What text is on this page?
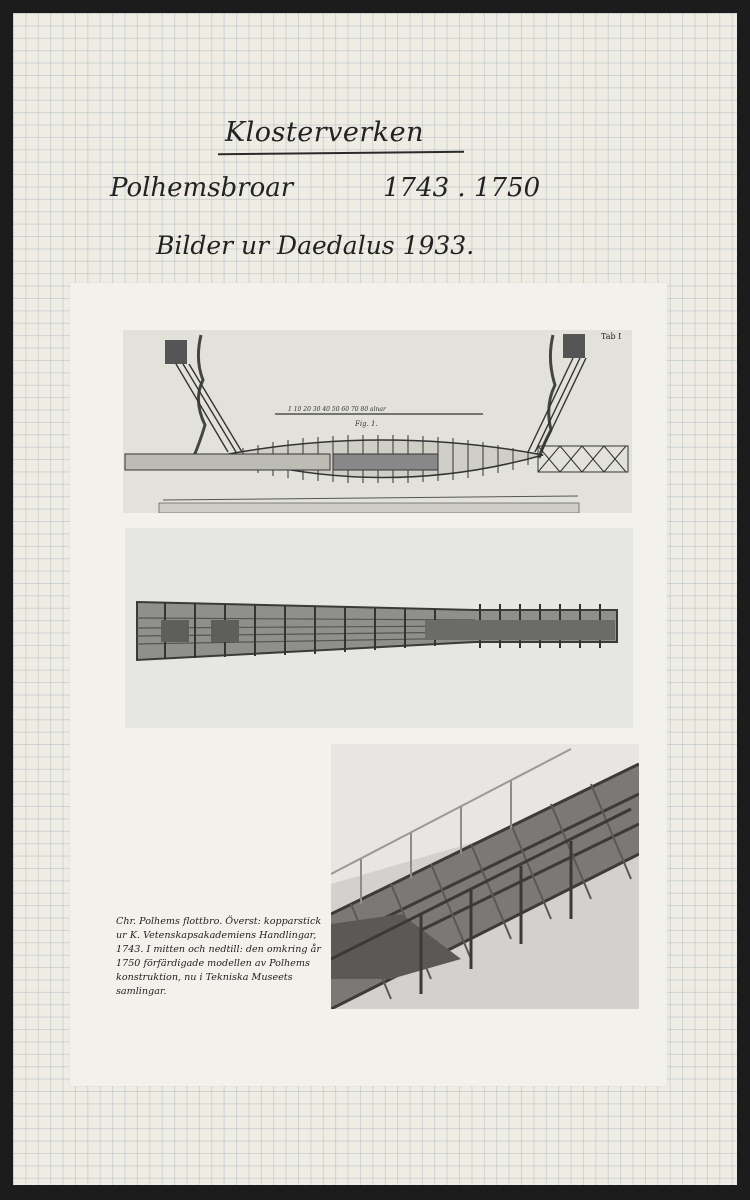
Klosterverken
Polhemsbroar	1743 . 1750
Bilder ur Daedalus 1933.
1 10 20 30 40 50 60 70 80 alnar
Fig. 1.
Tab I
Chr. Polhems flottbro. Överst: kopparstick ur K. Vetenskapsakademiens Handlingar, 1743. I mitten och nedtill: den omkring år 1750 förfärdigade modellen av Polhems konstruktion, nu i Tekniska Museets samlingar.
